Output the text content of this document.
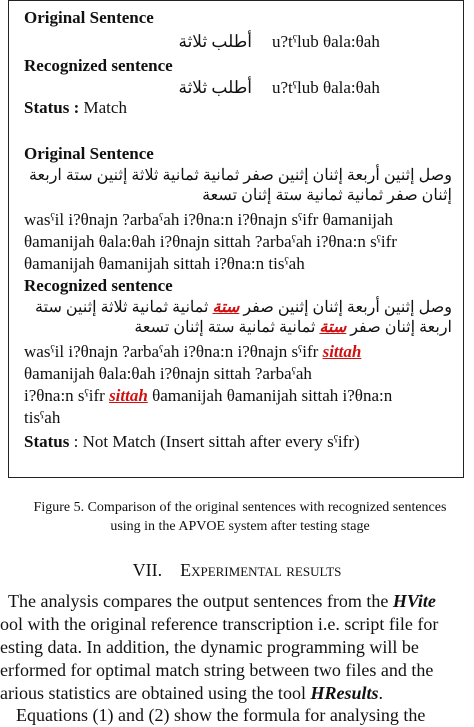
Original Sentence
أطلب ثلاثة u?tˁlub θala:θah
Recognized sentence
أطلب ثلاثة u?tˁlub θala:θah
Status : Match
Original Sentence
وصل إثنين أربعة إثنان إثنين صفر ثمانية ثمانية ثلاثة إثنين ستة اربعة
إثنان صفر ثمانية ثمانية ستة إثنان تسعة
wasˁil i?θnajn ?arbaˁah i?θna:n i?θnajn sˁifr θamanijah
θamanijah θala:θah i?θnajn sittah ?arbaˁah i?θna:n sˁifr
θamanijah θamanijah sittah i?θna:n tisˁah
Recognized sentence
وصل إثنين أربعة إثنان إثنين صفر ستة ثمانية ثمانية ثلاثة إثنين ستة
اربعة إثنان صفر ستة ثمانية ثمانية ستة إثنان تسعة
wasˁil i?θnajn ?arbaˁah i?θna:n i?θnajn sˁifr sittah
θamanijah θala:θah i?θnajn sittah ?arbaˁah
i?θna:n sˁifr sittah θamanijah θamanijah sittah i?θna:n
tisˁah
Status : Not Match (Insert sittah after every sˁifr)
Figure 5. Comparison of the original sentences with recognized sentences
using in the APVOE system after testing stage
VII. Experimental results
The analysis compares the output sentences from the HVite
ool with the original reference transcription i.e. script file for
esting data. In addition, the dynamic programming will be
erformed for optimal match string between two files and the
arious statistics are obtained using the tool HResults.
Equations (1) and (2) show the formula for analysing the
